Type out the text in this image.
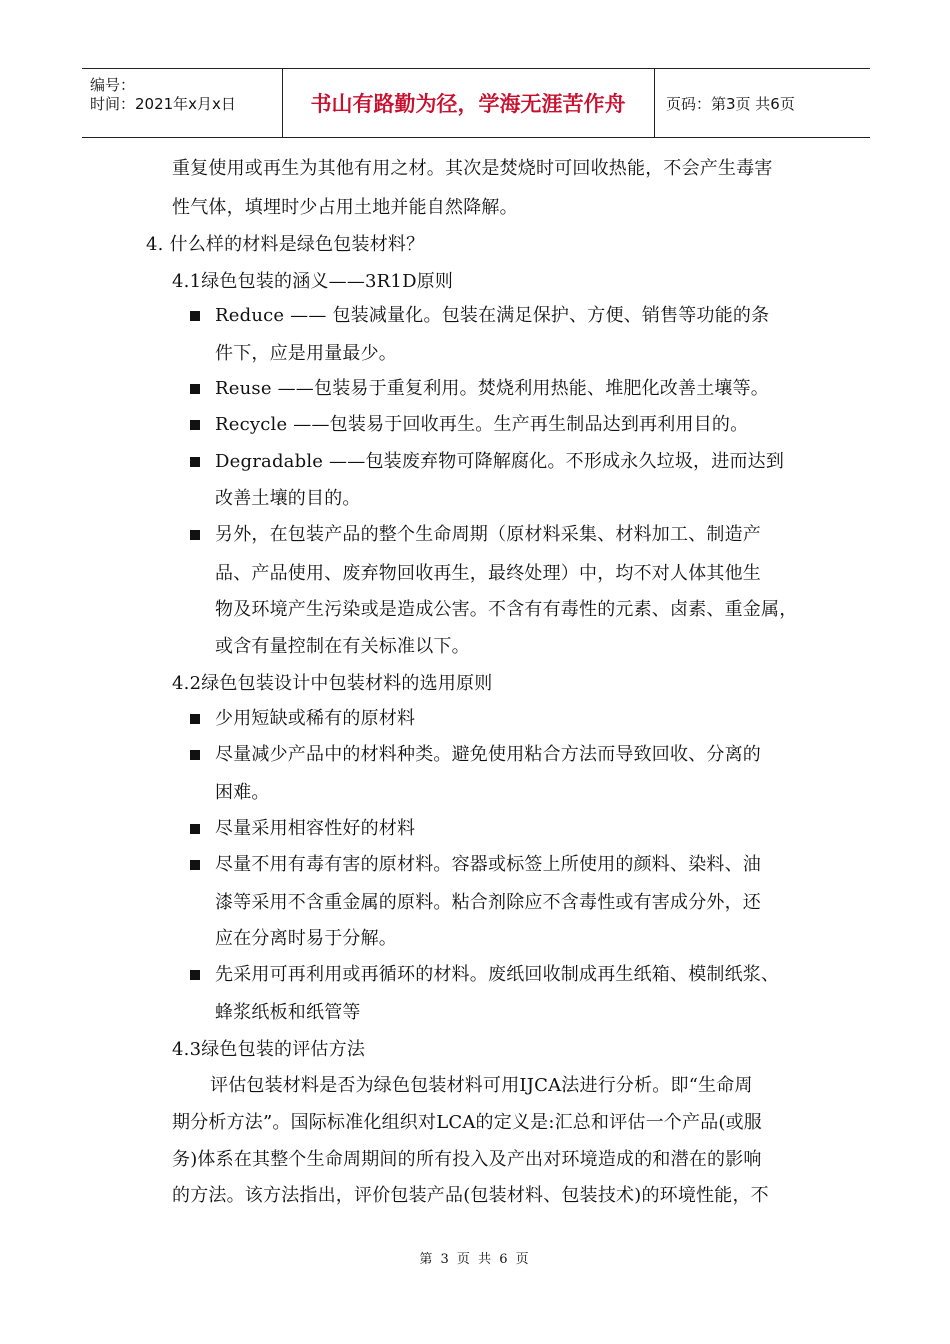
编号：
时间：2021年x月x日	书山有路勤为径，学海无涯苦作舟	页码：第3页 共6页
重复使用或再生为其他有用之材。其次是焚烧时可回收热能，不会产生毒害
性气体，填埋时少占用土地并能自然降解。
4. 什么样的材料是绿色包装材料？
4.1绿色包装的涵义——3R1D原则
Reduce —— 包装减量化。包装在满足保护、方便、销售等功能的条
件下，应是用量最少。
Reuse ——包装易于重复利用。焚烧利用热能、堆肥化改善土壤等。
Recycle ——包装易于回收再生。生产再生制品达到再利用目的。
Degradable ——包装废弃物可降解腐化。不形成永久垃圾，进而达到
改善土壤的目的。
另外，在包装产品的整个生命周期（原材料采集、材料加工、制造产
品、产品使用、废弃物回收再生，最终处理）中，均不对人体其他生
物及环境产生污染或是造成公害。不含有有毒性的元素、卤素、重金属，
或含有量控制在有关标准以下。
4.2绿色包装设计中包装材料的选用原则
少用短缺或稀有的原材料
尽量减少产品中的材料种类。避免使用粘合方法而导致回收、分离的
困难。
尽量采用相容性好的材料
尽量不用有毒有害的原材料。容器或标签上所使用的颜料、染料、油
漆等采用不含重金属的原料。粘合剂除应不含毒性或有害成分外，还
应在分离时易于分解。
先采用可再利用或再循环的材料。废纸回收制成再生纸箱、模制纸浆、
蜂浆纸板和纸管等
4.3绿色包装的评估方法
评估包装材料是否为绿色包装材料可用IJCA法进行分析。即“生命周
期分析方法”。国际标准化组织对LCA的定义是:汇总和评估一个产品(或服
务)体系在其整个生命周期间的所有投入及产出对环境造成的和潜在的影响
的方法。该方法指出，评价包装产品(包装材料、包装技术)的环境性能，不
第 3 页 共 6 页
